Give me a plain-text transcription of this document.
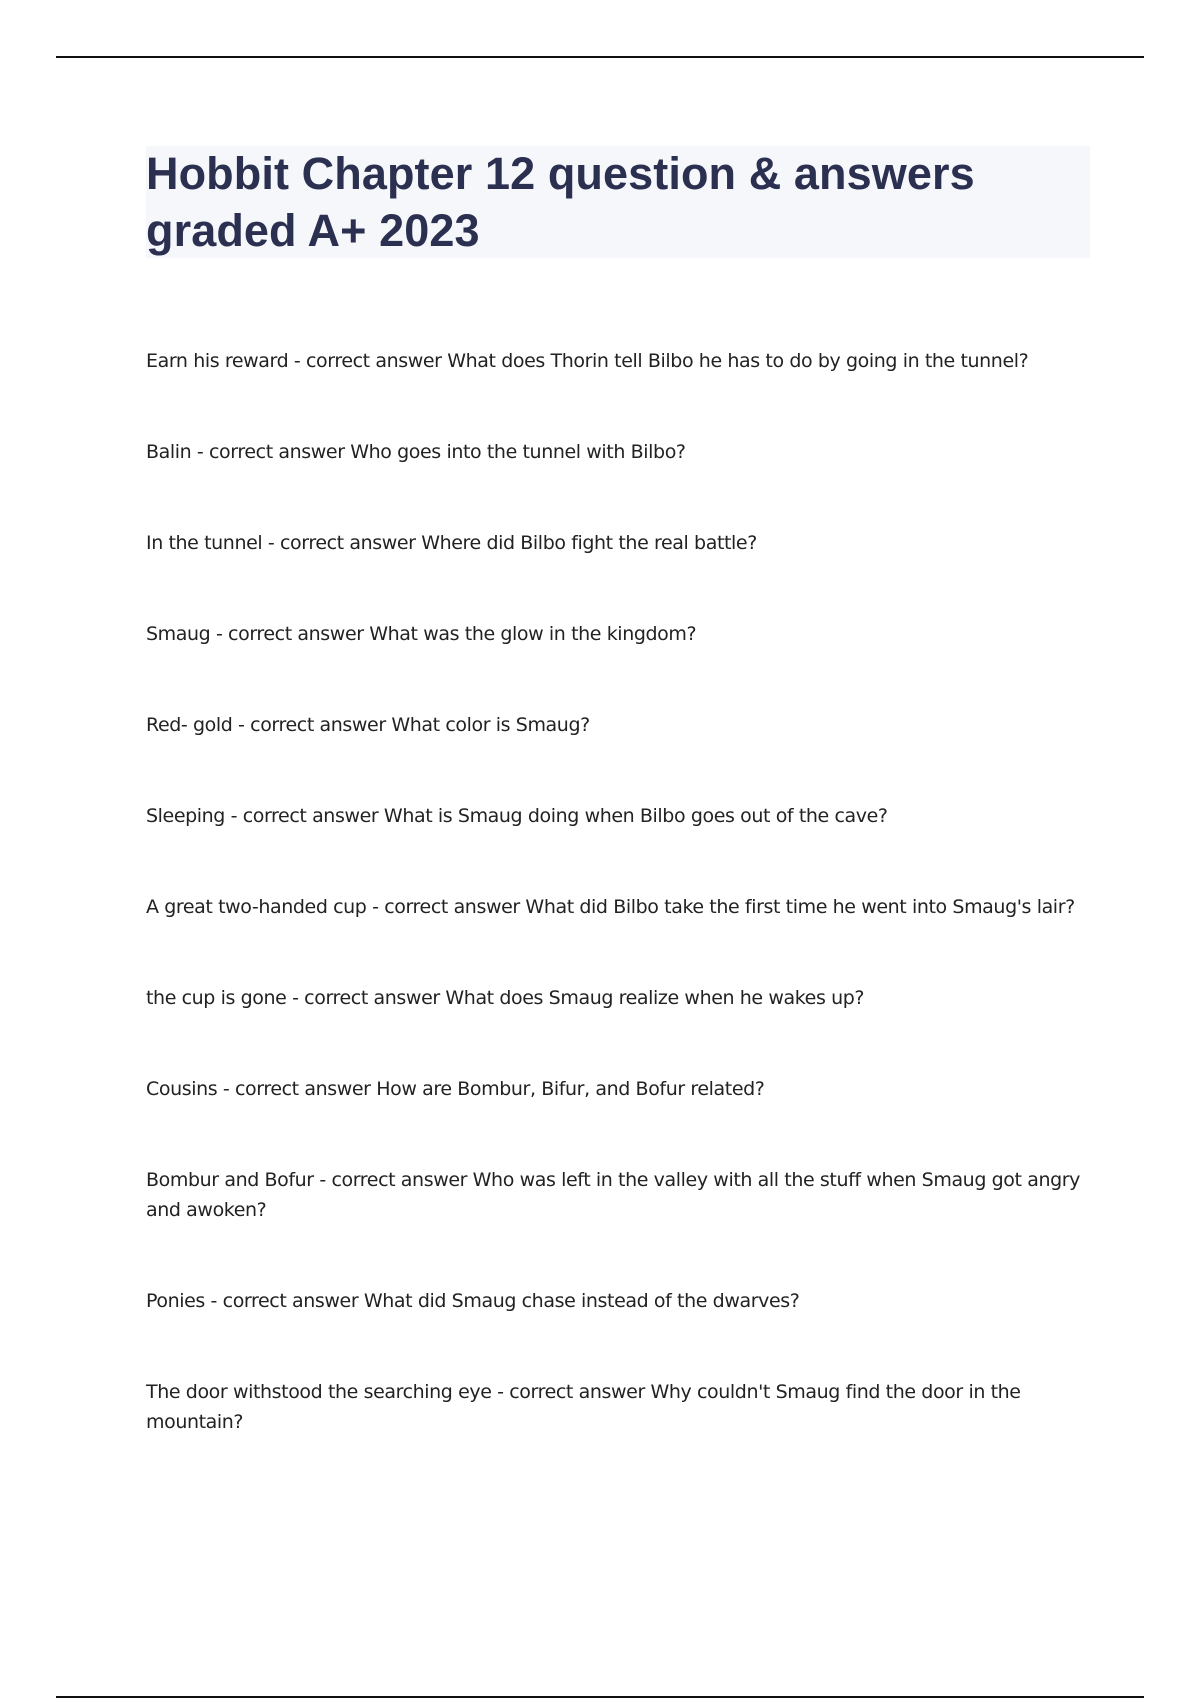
Hobbit Chapter 12 question & answers graded A+ 2023

Earn his reward - correct answer What does Thorin tell Bilbo he has to do by going in the tunnel?

Balin - correct answer Who goes into the tunnel with Bilbo?

In the tunnel - correct answer Where did Bilbo fight the real battle?

Smaug - correct answer What was the glow in the kingdom?

Red- gold - correct answer What color is Smaug?

Sleeping - correct answer What is Smaug doing when Bilbo goes out of the cave?

A great two-handed cup - correct answer What did Bilbo take the first time he went into Smaug's lair?

the cup is gone - correct answer What does Smaug realize when he wakes up?

Cousins - correct answer How are Bombur, Bifur, and Bofur related?

Bombur and Bofur - correct answer Who was left in the valley with all the stuff when Smaug got angry and awoken?

Ponies - correct answer What did Smaug chase instead of the dwarves?

The door withstood the searching eye - correct answer Why couldn't Smaug find the door in the mountain?
